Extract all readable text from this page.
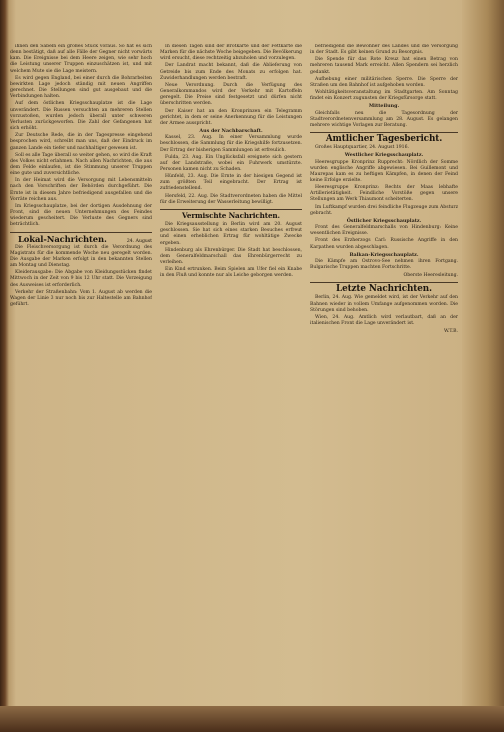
ihnen den Säbeln ein großes Stück voraus. So hat es sich denn bestätigt, daß auf alle Fälle der Gegner nicht vorwärts kam. Die Ereignisse bei dem Heere zeigen, wie sehr hoch die Leistung unserer Truppen einzuschätzen ist, und mit welchem Mute sie die Lage meistern.

Es wird gegen England, bei einer durch die Bohrarbeiten bewirkten Lage jedoch ständig mit neuen Angriffen gerechnet. Die Stellungen sind gut ausgebaut und die Verbindungen halten.

Auf dem östlichen Kriegsschauplatze ist die Lage unverändert. Die Russen versuchten an mehreren Stellen vorzustoßen, wurden jedoch überall unter schweren Verlusten zurückgeworfen. Die Zahl der Gefangenen hat sich erhöht.

Zur Deutsche Rede, die in der Tagespresse eingehend besprochen wird, schreibt man uns, daß der Eindruck im ganzen Lande ein tiefer und nachhaltiger gewesen ist.

Soll es alle Tage überall so weiter gehen, so wird die Kraft des Volkes nicht erlahmen. Nach allen Nachrichten, die aus dem Felde einlaufen, ist die Stimmung unserer Truppen eine gute und zuversichtliche.

In der Heimat wird die Versorgung mit Lebensmitteln nach den Vorschriften der Behörden durchgeführt. Die Ernte ist in diesem Jahre befriedigend ausgefallen und die Vorräte reichen aus.

Im Kriegsschauplatze, bei der dortigen Ausdehnung der Front, sind die neuen Unternehmungen des Feindes wiederum gescheitert. Die Verluste des Gegners sind beträchtlich.

Lokal-Nachrichten.	24. August

Die Fleischversorgung ist durch die Verordnung des Magistrats für die kommende Woche neu geregelt worden. Die Ausgabe der Marken erfolgt in den bekannten Stellen am Montag und Dienstag.

Kleiderausgabe: Die Abgabe von Kleidungsstücken findet Mittwoch in der Zeit von 9 bis 12 Uhr statt. Die Vorzeigung des Ausweises ist erforderlich.

Verkehr der Straßenbahn: Vom 1. August ab werden die Wagen der Linie 3 nur noch bis zur Haltestelle am Bahnhof geführt.

In diesen Tagen sind der Brotkarte und der Fettkarte die Marken für die nächste Woche beigegeben. Die Bevölkerung wird ersucht, diese rechtzeitig abzuholen und vorzulegen.

Der Landrat macht bekannt, daß die Ablieferung von Getreide bis zum Ende des Monats zu erfolgen hat. Zuwiderhandlungen werden bestraft.

Neue Verordnung. Durch die Verfügung des Generalkommandos wird der Verkehr mit Kartoffeln geregelt. Die Preise sind festgesetzt und dürfen nicht überschritten werden.

Der Kaiser hat an den Kronprinzen ein Telegramm gerichtet, in dem er seine Anerkennung für die Leistungen der Armee ausspricht.

Aus der Nachbarschaft.

Kassel, 23. Aug. In einer Versammlung wurde beschlossen, die Sammlung für die Kriegshilfe fortzusetzen. Der Ertrag der bisherigen Sammlungen ist erfreulich.

Fulda, 23. Aug. Ein Unglücksfall ereignete sich gestern auf der Landstraße, wobei ein Fuhrwerk umstürzte. Personen kamen nicht zu Schaden.

Hünfeld, 23. Aug. Die Ernte in der hiesigen Gegend ist zum größten Teil eingebracht. Der Ertrag ist zufriedenstellend.

Hersfeld, 22. Aug. Die Stadtverordneten haben die Mittel für die Erweiterung der Wasserleitung bewilligt.

Vermischte Nachrichten.

Die Kriegsausstellung in Berlin wird am 20. August geschlossen. Sie hat sich eines starken Besuches erfreut und einen erheblichen Ertrag für wohltätige Zwecke ergeben.

Hindenburg als Ehrenbürger. Die Stadt hat beschlossen, dem Generalfeldmarschall das Ehrenbürgerrecht zu verleihen.

Ein Kind ertrunken. Beim Spielen am Ufer fiel ein Knabe in den Fluß und konnte nur als Leiche geborgen werden.

befriedigend die Bewohner des Landes und die Versorgung in der Stadt. Es gibt keinen Grund zu Besorgnis.

Die Spende für das Rote Kreuz hat einen Betrag von mehreren tausend Mark erreicht. Allen Spendern sei herzlich gedankt.

Aufhebung einer militärischen Sperre. Die Sperre der Straßen um den Bahnhof ist aufgehoben worden.

Wohltätigkeitsveranstaltung im Stadtgarten. Am Sonntag findet ein Konzert zugunsten der Kriegsfürsorge statt.

Mitteilung.

Gleichfalls neu die Tagesordnung der Stadtverordnetenversammlung am 28. August. Es gelangen mehrere wichtige Vorlagen zur Beratung.

Amtlicher Tagesbericht.

Großes Hauptquartier, 24. August 1916.

Westlicher Kriegsschauplatz.

Heeresgruppe Kronprinz Rupprecht: Nördlich der Somme wurden englische Angriffe abgewiesen. Bei Guillemont und Maurepas kam es zu heftigen Kämpfen, in denen der Feind keine Erfolge erzielte.

Heeresgruppe Kronprinz: Rechts der Maas lebhafte Artillerietätigkeit. Feindliche Vorstöße gegen unsere Stellungen am Werk Thiaumont scheiterten.

Im Luftkampf wurden drei feindliche Flugzeuge zum Absturz gebracht.

Östlicher Kriegsschauplatz.

Front des Generalfeldmarschalls von Hindenburg: Keine wesentlichen Ereignisse.

Front des Erzherzogs Carl: Russische Angriffe in den Karpathen wurden abgeschlagen.

Balkan-Kriegsschauplatz.

Die Kämpfe am Ostrovo-See nehmen ihren Fortgang. Bulgarische Truppen machten Fortschritte.

Oberste Heeresleitung.
Letzte Nachrichten.

Berlin, 24. Aug. Wie gemeldet wird, ist der Verkehr auf den Bahnen wieder in vollem Umfange aufgenommen worden. Die Störungen sind behoben.

Wien, 24. Aug. Amtlich wird verlautbart, daß an der italienischen Front die Lage unverändert ist.

W.T.B.
